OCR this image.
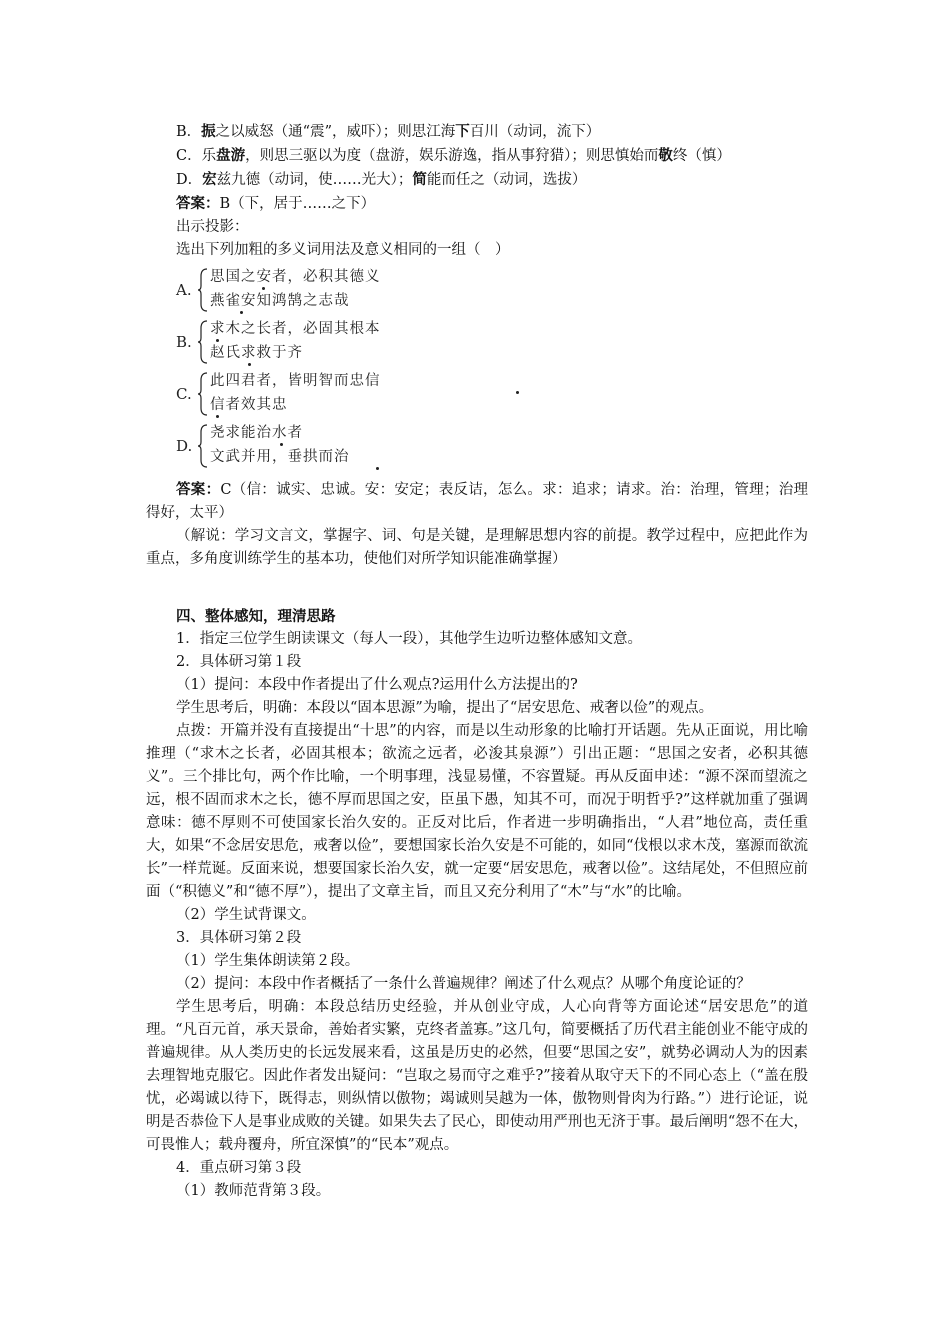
B．振之以威怒（通“震”，威吓）；则思江海下百川（动词，流下）

C．乐盘游，则思三驱以为度（盘游，娱乐游逸，指从事狩猎）；则思慎始而敬终（慎）

D．宏兹九德（动词，使……光大）；简能而任之（动词，选拔）

答案：B（下，居于……之下）

出示投影：

选出下列加粗的多义词用法及意义相同的一组（　）

A.
思国之安者，必积其德义
燕雀安知鸿鹄之志哉
B.
求木之长者，必固其根本
赵氏求救于齐
C.
此四君者，皆明智而忠信
信者效其忠
D.
尧求能治水者
文武并用，垂拱而治

答案：C（信：诚实、忠诚。安：安定；表反诘，怎么。求：追求；请求。治：治理，管理；治理得好，太平）

（解说：学习文言文，掌握字、词、句是关键，是理解思想内容的前提。教学过程中，应把此作为重点，多角度训练学生的基本功，使他们对所学知识能准确掌握）

四、整体感知，理清思路

1．指定三位学生朗读课文（每人一段），其他学生边听边整体感知文意。

2．具体研习第１段

（1）提问：本段中作者提出了什么观点?运用什么方法提出的?

学生思考后，明确：本段以“固本思源”为喻，提出了“居安思危、戒奢以俭”的观点。

点拨：开篇并没有直接提出“十思”的内容，而是以生动形象的比喻打开话题。先从正面说，用比喻推理（“求木之长者，必固其根本；欲流之远者，必浚其泉源”）引出正题：“思国之安者，必积其德义”。三个排比句，两个作比喻，一个明事理，浅显易懂，不容置疑。再从反面申述：“源不深而望流之远，根不固而求木之长，德不厚而思国之安，臣虽下愚，知其不可，而况于明哲乎?”这样就加重了强调意味：德不厚则不可使国家长治久安的。正反对比后，作者进一步明确指出，“人君”地位高，责任重大，如果“不念居安思危，戒奢以俭”，要想国家长治久安是不可能的，如同“伐根以求木茂，塞源而欲流长”一样荒诞。反面来说，想要国家长治久安，就一定要“居安思危，戒奢以俭”。这结尾处，不但照应前面（“积德义”和“德不厚”），提出了文章主旨，而且又充分利用了“木”与“水”的比喻。

（2）学生试背课文。

3．具体研习第２段

（1）学生集体朗读第２段。

（2）提问：本段中作者概括了一条什么普遍规律？阐述了什么观点？从哪个角度论证的？

学生思考后，明确：本段总结历史经验，并从创业守成，人心向背等方面论述“居安思危”的道理。“凡百元首，承天景命，善始者实繁，克终者盖寡。”这几句，简要概括了历代君主能创业不能守成的普遍规律。从人类历史的长远发展来看，这虽是历史的必然，但要“思国之安”，就势必调动人为的因素去理智地克服它。因此作者发出疑问：“岂取之易而守之难乎?”接着从取守天下的不同心态上（“盖在殷忧，必竭诚以待下，既得志，则纵情以傲物；竭诚则吴越为一体，傲物则骨肉为行路。”）进行论证，说明是否恭俭下人是事业成败的关键。如果失去了民心，即使动用严刑也无济于事。最后阐明“怨不在大，可畏惟人；载舟覆舟，所宜深慎”的“民本”观点。

4．重点研习第３段

（1）教师范背第３段。
